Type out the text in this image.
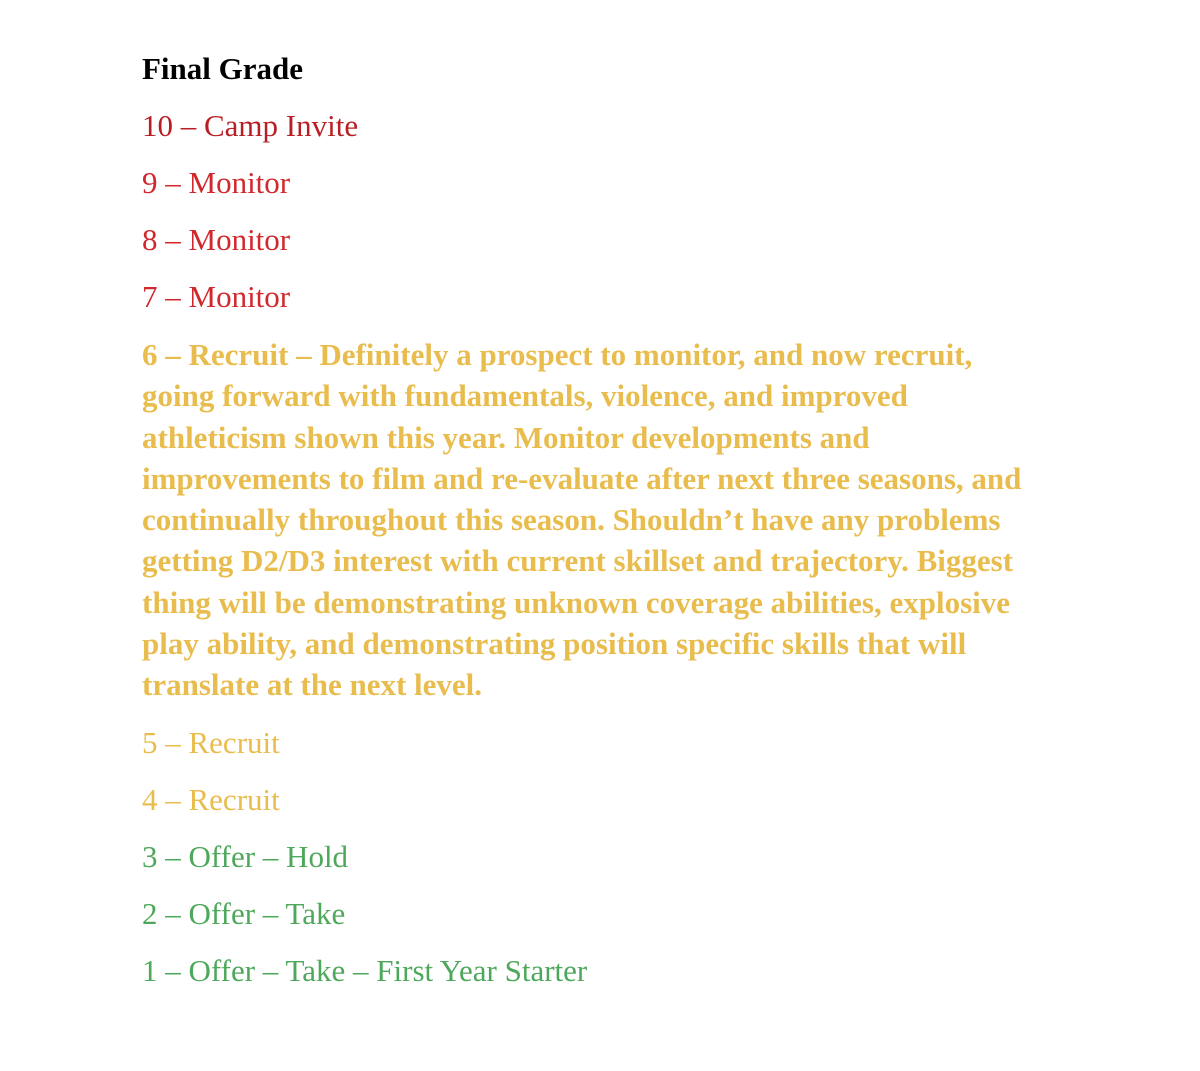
Final Grade
10 – Camp Invite
9 – Monitor
8 – Monitor
7 – Monitor
6 – Recruit – Definitely a prospect to monitor, and now recruit, going forward with fundamentals, violence, and improved athleticism shown this year. Monitor developments and improvements to film and re-evaluate after next three seasons, and continually throughout this season. Shouldn’t have any problems getting D2/D3 interest with current skillset and trajectory. Biggest thing will be demonstrating unknown coverage abilities, explosive play ability, and demonstrating position specific skills that will translate at the next level.
5 – Recruit
4 – Recruit
3 – Offer – Hold
2 – Offer – Take
1 – Offer – Take – First Year Starter
